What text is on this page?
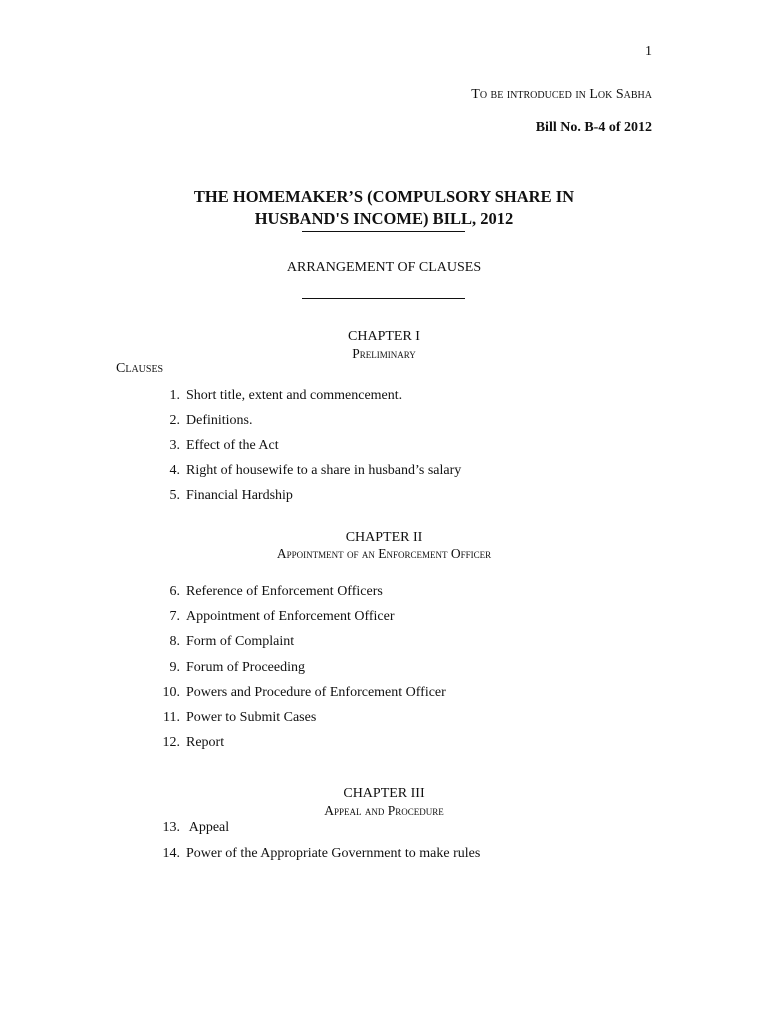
1
To be introduced in Lok Sabha
Bill No. B-4 of 2012
THE HOMEMAKER’S (COMPULSORY SHARE IN
HUSBAND'S INCOME) BILL, 2012
ARRANGEMENT OF CLAUSES
CHAPTER I
Preliminary
Clauses
1. Short title, extent and commencement.
2. Definitions.
3. Effect of the Act
4. Right of housewife to a share in husband’s salary
5. Financial Hardship
CHAPTER II
Appointment of an Enforcement Officer
6. Reference of Enforcement Officers
7. Appointment of Enforcement Officer
8. Form of Complaint
9. Forum of Proceeding
10. Powers and Procedure of Enforcement Officer
11. Power to Submit Cases
12. Report
CHAPTER III
Appeal and Procedure
13. Appeal
14. Power of the Appropriate Government to make rules
